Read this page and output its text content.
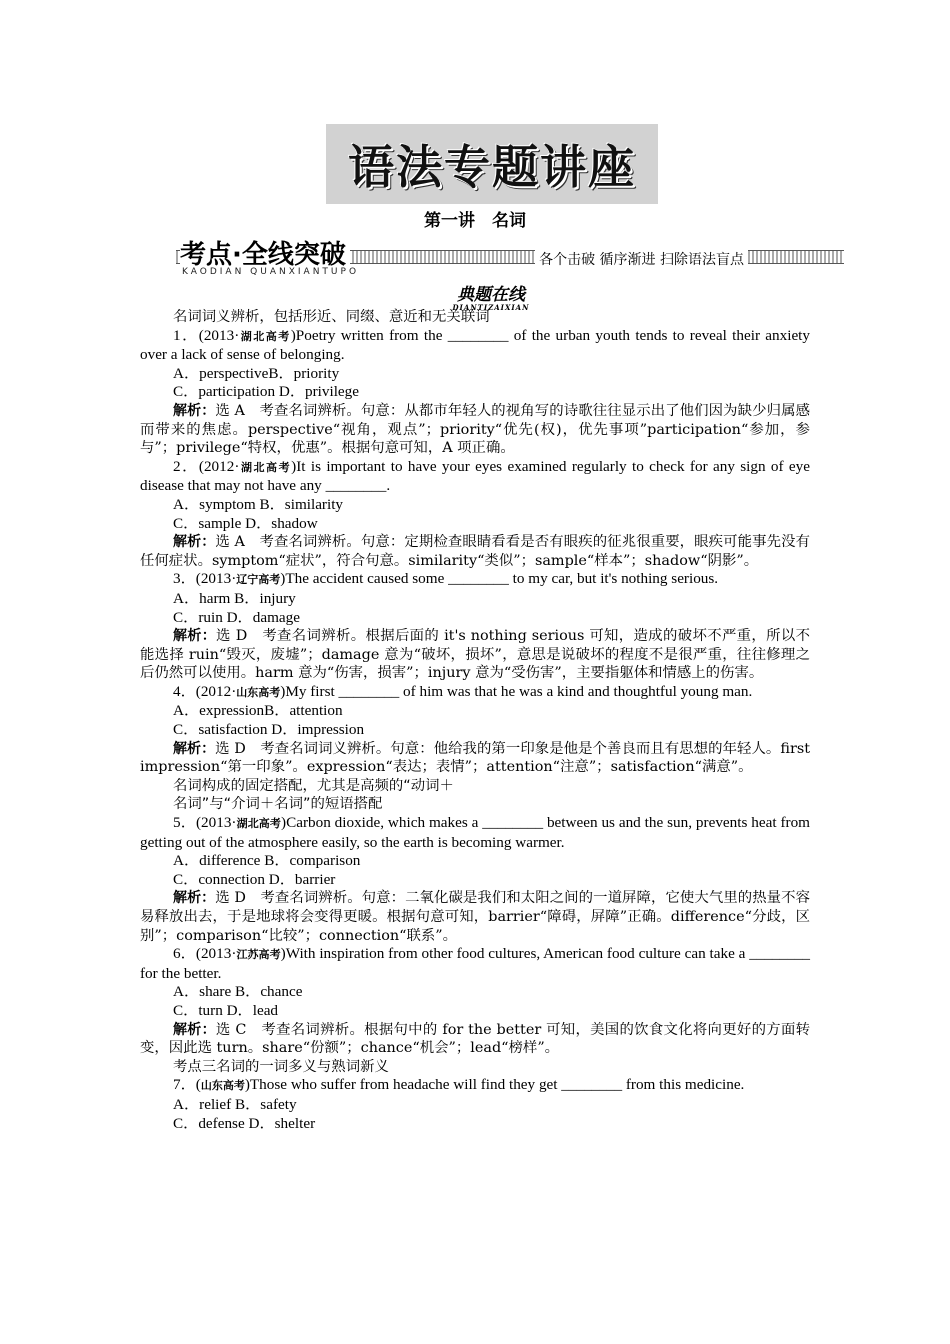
语法专题讲座
第一讲　名词
考点·全线突破
KAODIAN QUANXIANTUPO
各个击破 循序渐进 扫除语法盲点
典题在线
DIANTIZAIXIAN

名词词义辨析，包括形近、同缀、意近和无关联词

1．(2013·湖北高考)Poetry written from the ________ of the urban youth tends to reveal their anxiety over a lack of sense of belonging.

A．perspectiveB．priority

C．participation D．privilege

解析：选 A　考查名词辨析。句意：从都市年轻人的视角写的诗歌往往显示出了他们因为缺少归属感而带来的焦虑。perspective“视角，观点”；priority“优先(权)，优先事项”participation“参加，参与”；privilege“特权，优惠”。根据句意可知，A 项正确。

2．(2012·湖北高考)It is important to have your eyes examined regularly to check for any sign of eye disease that may not have any ________.

A．symptom B．similarity

C．sample D．shadow

解析：选 A　考查名词辨析。句意：定期检查眼睛看看是否有眼疾的征兆很重要，眼疾可能事先没有任何症状。symptom“症状”，符合句意。similarity“类似”；sample“样本”；shadow“阴影”。

3．(2013·辽宁高考)The accident caused some ________ to my car, but it's nothing serious.

A．harm B．injury

C．ruin D．damage

解析：选 D　考查名词辨析。根据后面的 it's nothing serious 可知，造成的破坏不严重，所以不能选择 ruin“毁灭，废墟”；damage 意为“破坏，损坏”，意思是说破坏的程度不是很严重，往往修理之后仍然可以使用。harm 意为“伤害，损害”；injury 意为“受伤害”，主要指躯体和情感上的伤害。

4．(2012·山东高考)My first ________ of him was that he was a kind and thoughtful young man.

A．expressionB．attention

C．satisfaction D．impression

解析：选 D　考查名词词义辨析。句意：他给我的第一印象是他是个善良而且有思想的年轻人。first impression“第一印象”。expression“表达；表情”；attention“注意”；satisfaction“满意”。

名词构成的固定搭配，尤其是高频的“动词＋

名词”与“介词＋名词”的短语搭配

5．(2013·湖北高考)Carbon dioxide, which makes a ________ between us and the sun, prevents heat from getting out of the atmosphere easily, so the earth is becoming warmer.

A．difference B．comparison

C．connection D．barrier

解析：选 D　考查名词辨析。句意：二氧化碳是我们和太阳之间的一道屏障，它使大气里的热量不容易释放出去，于是地球将会变得更暖。根据句意可知，barrier“障碍，屏障”正确。difference“分歧，区别”；comparison“比较”；connection“联系”。

6．(2013·江苏高考)With inspiration from other food cultures, American food culture can take a ________ for the better.

A．share B．chance

C．turn D．lead

解析：选 C　考查名词辨析。根据句中的 for the better 可知，美国的饮食文化将向更好的方面转变，因此选 turn。share“份额”；chance“机会”；lead“榜样”。

考点三名词的一词多义与熟词新义

7．(山东高考)Those who suffer from headache will find they get ________ from this medicine.

A．relief B．safety

C．defense D．shelter
